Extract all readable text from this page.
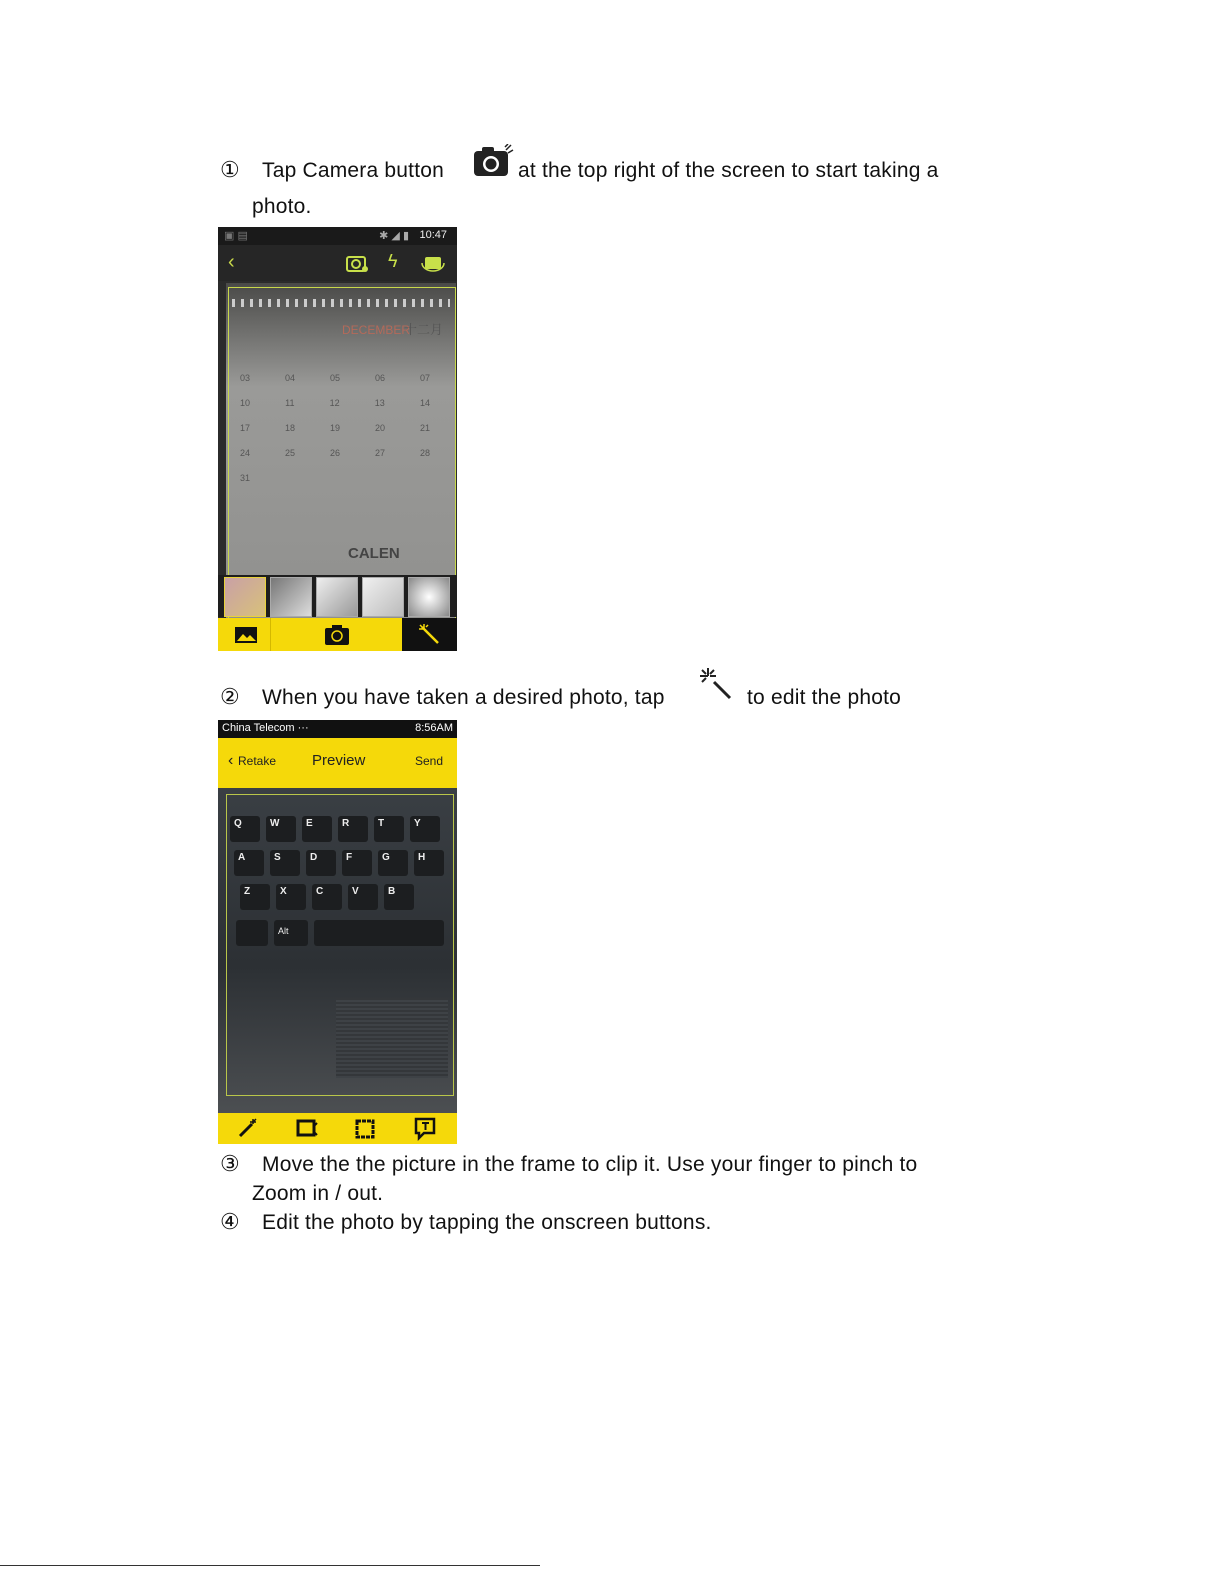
① Tap Camera button	at the top right of the screen to start taking a
photo.
▣ ▤	10:47
✱ ◢ ▮
‹	ϟ
DECEMBER
十二月
03	04	05	06	07
10	11	12	13	14
17	18	19	20	21
24	25	26	27	28
31
CALEN
② When you have taken a desired photo, tap	to edit the photo
China Telecom ···	8:56AM
‹ Retake Preview	Send
Q	W	E	R	T	Y
A	S	D	F	G	H
Z	X	C	V	B
Alt
③ Move the the picture in the frame to clip it. Use your finger to pinch to
Zoom in / out.
④ Edit the photo by tapping the onscreen buttons.
